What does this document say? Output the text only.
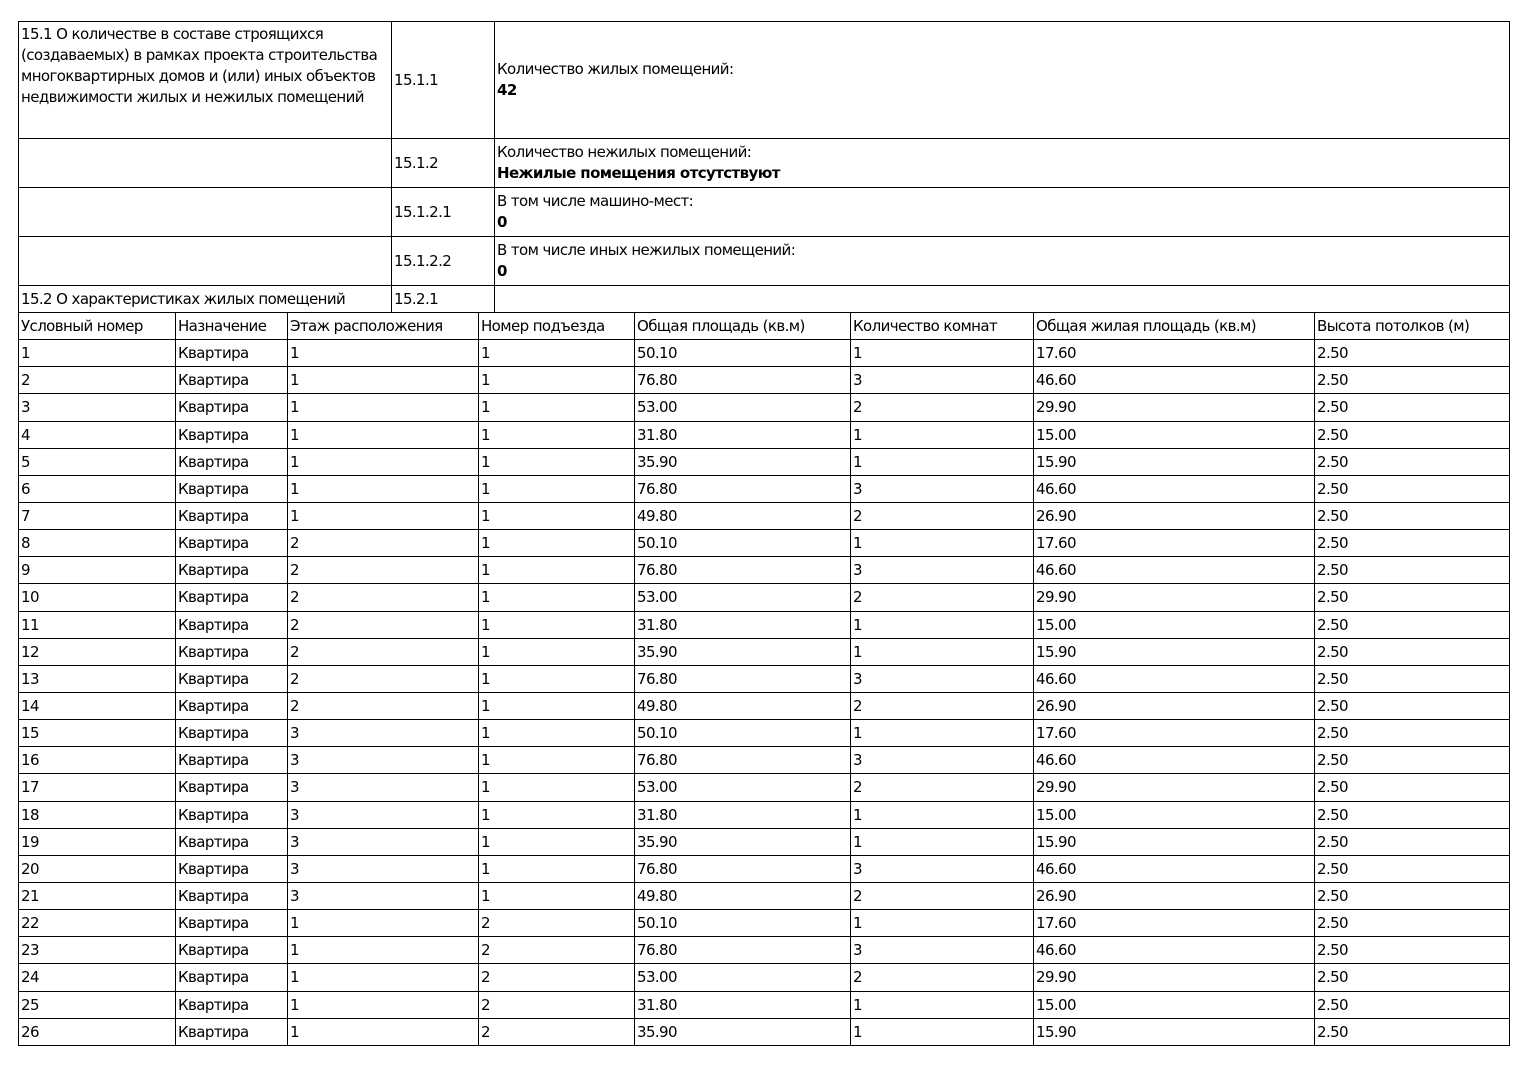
15.1 О количестве в составе строящихся (создаваемых) в рамках проекта строительства многоквартирных домов и (или) иных объектов недвижимости жилых и нежилых помещений	15.1.1	Количество жилых помещений:
42
	15.1.2	Количество нежилых помещений:
Нежилые помещения отсутствуют
	15.1.2.1	В том числе машино-мест:
0
	15.1.2.2	В том числе иных нежилых помещений:
0
15.2 О характеристиках жилых помещений	15.2.1	
Условный номер	Назначение	Этаж расположения	Номер подъезда	Общая площадь (кв.м)	Количество комнат	Общая жилая площадь (кв.м)	Высота потолков (м)
1	Квартира	1	1	50.10	1	17.60	2.50
2	Квартира	1	1	76.80	3	46.60	2.50
3	Квартира	1	1	53.00	2	29.90	2.50
4	Квартира	1	1	31.80	1	15.00	2.50
5	Квартира	1	1	35.90	1	15.90	2.50
6	Квартира	1	1	76.80	3	46.60	2.50
7	Квартира	1	1	49.80	2	26.90	2.50
8	Квартира	2	1	50.10	1	17.60	2.50
9	Квартира	2	1	76.80	3	46.60	2.50
10	Квартира	2	1	53.00	2	29.90	2.50
11	Квартира	2	1	31.80	1	15.00	2.50
12	Квартира	2	1	35.90	1	15.90	2.50
13	Квартира	2	1	76.80	3	46.60	2.50
14	Квартира	2	1	49.80	2	26.90	2.50
15	Квартира	3	1	50.10	1	17.60	2.50
16	Квартира	3	1	76.80	3	46.60	2.50
17	Квартира	3	1	53.00	2	29.90	2.50
18	Квартира	3	1	31.80	1	15.00	2.50
19	Квартира	3	1	35.90	1	15.90	2.50
20	Квартира	3	1	76.80	3	46.60	2.50
21	Квартира	3	1	49.80	2	26.90	2.50
22	Квартира	1	2	50.10	1	17.60	2.50
23	Квартира	1	2	76.80	3	46.60	2.50
24	Квартира	1	2	53.00	2	29.90	2.50
25	Квартира	1	2	31.80	1	15.00	2.50
26	Квартира	1	2	35.90	1	15.90	2.50
